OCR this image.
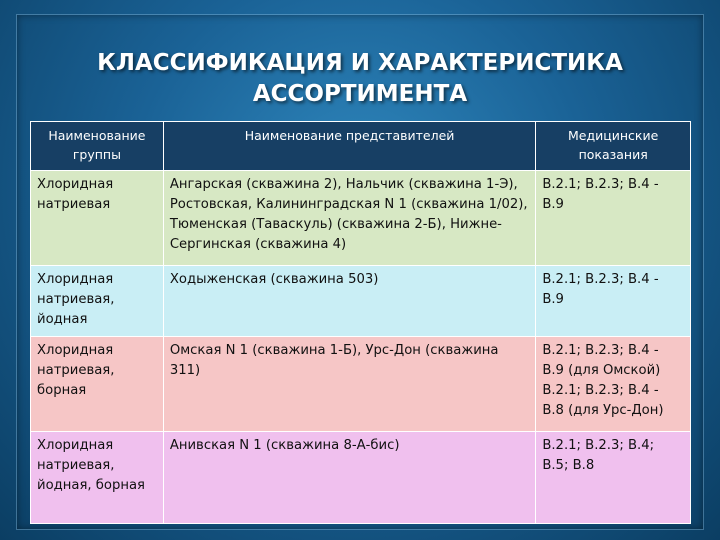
КЛАССИФИКАЦИЯ И ХАРАКТЕРИСТИКА
АССОРТИМЕНТА
Наименование группы	Наименование представителей	Медицинские показания
Хлоридная натриевая	Ангарская (скважина 2), Нальчик (скважина 1-Э), Ростовская, Калининградская N 1 (скважина 1/02), Тюменская (Таваскуль) (скважина 2-Б), Нижне-Сергинская (скважина 4)	B.2.1; B.2.3; B.4 - B.9
Хлоридная натриевая, йодная	Ходыженская (скважина 503)	B.2.1; B.2.3; B.4 - B.9
Хлоридная натриевая, борная	Омская N 1 (скважина 1-Б), Урс-Дон (скважина 311)	B.2.1; B.2.3; B.4 - B.9 (для Омской) B.2.1; B.2.3; B.4 - B.8 (для Урс-Дон)
Хлоридная натриевая, йодная, борная	Анивская N 1 (скважина 8-А-бис)	B.2.1; B.2.3; B.4; B.5; B.8
